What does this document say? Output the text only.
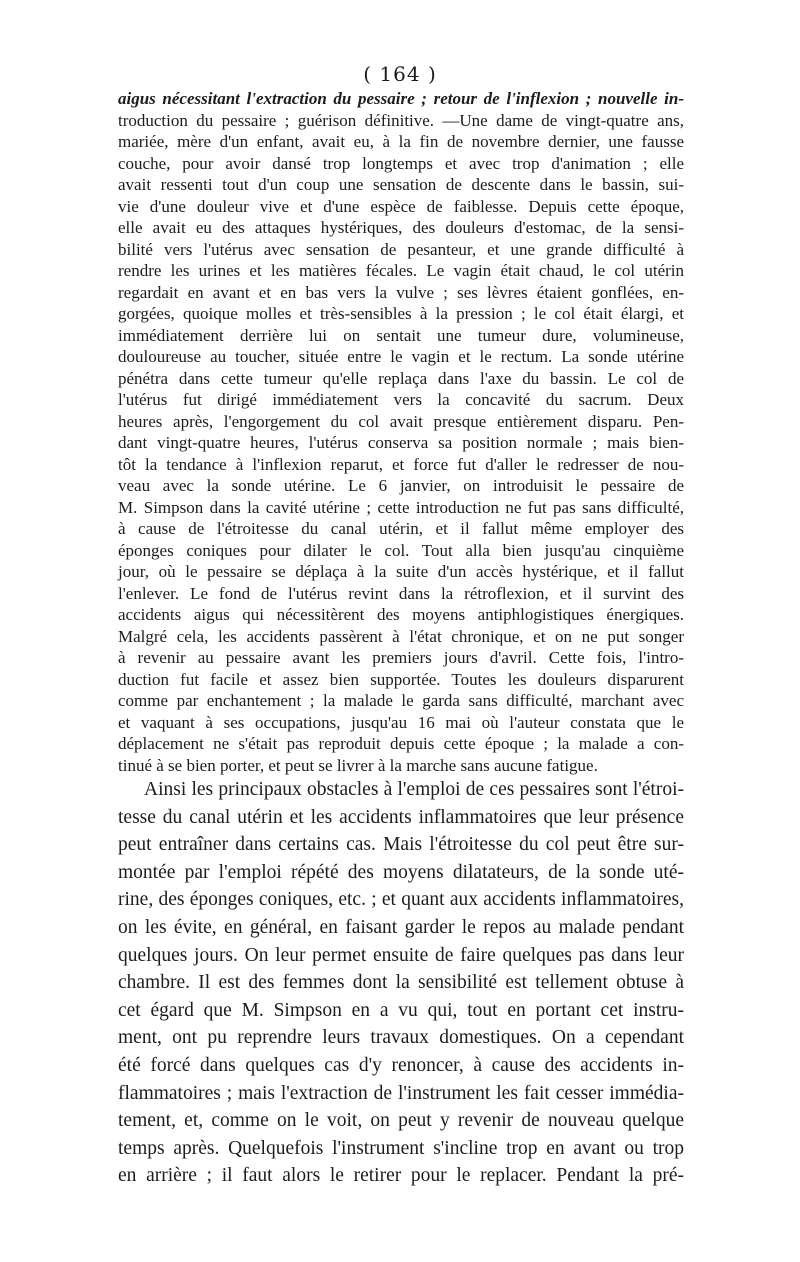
( 164 )
aigus nécessitant l'extraction du pessaire ; retour de l'inflexion ; nouvelle in-
troduction du pessaire ; guérison définitive. —Une dame de vingt-quatre ans,
mariée, mère d'un enfant, avait eu, à la fin de novembre dernier, une fausse
couche, pour avoir dansé trop longtemps et avec trop d'animation ; elle
avait ressenti tout d'un coup une sensation de descente dans le bassin, sui-
vie d'une douleur vive et d'une espèce de faiblesse. Depuis cette époque,
elle avait eu des attaques hystériques, des douleurs d'estomac, de la sensi-
bilité vers l'utérus avec sensation de pesanteur, et une grande difficulté à
rendre les urines et les matières fécales. Le vagin était chaud, le col utérin
regardait en avant et en bas vers la vulve ; ses lèvres étaient gonflées, en-
gorgées, quoique molles et très-sensibles à la pression ; le col était élargi, et
immédiatement derrière lui on sentait une tumeur dure, volumineuse,
douloureuse au toucher, située entre le vagin et le rectum. La sonde utérine
pénétra dans cette tumeur qu'elle replaça dans l'axe du bassin. Le col de
l'utérus fut dirigé immédiatement vers la concavité du sacrum. Deux
heures après, l'engorgement du col avait presque entièrement disparu. Pen-
dant vingt-quatre heures, l'utérus conserva sa position normale ; mais bien-
tôt la tendance à l'inflexion reparut, et force fut d'aller le redresser de nou-
veau avec la sonde utérine. Le 6 janvier, on introduisit le pessaire de
M. Simpson dans la cavité utérine ; cette introduction ne fut pas sans difficulté,
à cause de l'étroitesse du canal utérin, et il fallut même employer des
éponges coniques pour dilater le col. Tout alla bien jusqu'au cinquième
jour, où le pessaire se déplaça à la suite d'un accès hystérique, et il fallut
l'enlever. Le fond de l'utérus revint dans la rétroflexion, et il survint des
accidents aigus qui nécessitèrent des moyens antiphlogistiques énergiques.
Malgré cela, les accidents passèrent à l'état chronique, et on ne put songer
à revenir au pessaire avant les premiers jours d'avril. Cette fois, l'intro-
duction fut facile et assez bien supportée. Toutes les douleurs disparurent
comme par enchantement ; la malade le garda sans difficulté, marchant avec
et vaquant à ses occupations, jusqu'au 16 mai où l'auteur constata que le
déplacement ne s'était pas reproduit depuis cette époque ; la malade a con-
tinué à se bien porter, et peut se livrer à la marche sans aucune fatigue.
Ainsi les principaux obstacles à l'emploi de ces pessaires sont l'étroi-
tesse du canal utérin et les accidents inflammatoires que leur présence
peut entraîner dans certains cas. Mais l'étroitesse du col peut être sur-
montée par l'emploi répété des moyens dilatateurs, de la sonde uté-
rine, des éponges coniques, etc. ; et quant aux accidents inflammatoires,
on les évite, en général, en faisant garder le repos au malade pendant
quelques jours. On leur permet ensuite de faire quelques pas dans leur
chambre. Il est des femmes dont la sensibilité est tellement obtuse à
cet égard que M. Simpson en a vu qui, tout en portant cet instru-
ment, ont pu reprendre leurs travaux domestiques. On a cependant
été forcé dans quelques cas d'y renoncer, à cause des accidents in-
flammatoires ; mais l'extraction de l'instrument les fait cesser immédia-
tement, et, comme on le voit, on peut y revenir de nouveau quelque
temps après. Quelquefois l'instrument s'incline trop en avant ou trop
en arrière ; il faut alors le retirer pour le replacer. Pendant la pré-
